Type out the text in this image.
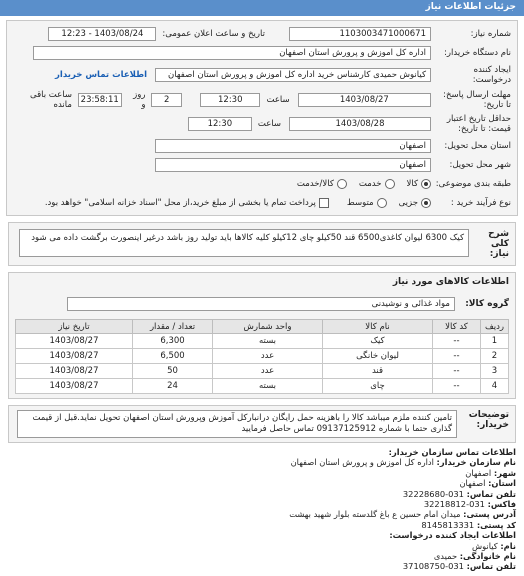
جزئیات اطلاعات نیاز
شماره نیاز:
1103003471000671
تاریخ و ساعت اعلان عمومی:
1403/08/24 - 12:23
نام دستگاه خریدار:
اداره کل اموزش و پرورش استان اصفهان
ایجاد کننده
درخواست:
کیانوش حمیدی کارشناس خرید اداره کل اموزش و پرورش استان اصفهان
اطلاعات تماس خریدار
مهلت ارسال پاسخ:
تا تاریخ:
1403/08/27
ساعت
12:30
2
روز و
23:58:11
ساعت باقی مانده
حداقل تاریخ اعتبار
قیمت: تا تاریخ:
1403/08/28
ساعت
12:30
استان محل تحویل:
اصفهان
شهر محل تحویل:
اصفهان
طبقه بندی موضوعی:
کالا
خدمت
کالا/خدمت
نوع فرآیند خرید :
جزیی
متوسط
پرداخت تمام یا بخشی از مبلغ خرید،از محل "اسناد خزانه اسلامی" خواهد بود.
شرح کلی نیاز:
کیک 6300 لیوان کاغذی6500 قند 50کیلو چای 12کیلو کلیه کالاها باید تولید روز باشد درغیر اینصورت برگشت داده می شود
اطلاعات کالاهای مورد نیاز
گروه کالا:
مواد غذائی و نوشیدنی
ردیف	کد کالا	نام کالا	واحد شمارش	تعداد / مقدار	تاریخ نیاز
1	--	کیک	بسته	6,300	1403/08/27
2	--	لیوان خانگی	عدد	6,500	1403/08/27
3	--	قند	عدد	50	1403/08/27
4	--	چای	بسته	24	1403/08/27
توضیحات خریدار:
تامین کننده ملزم میباشد کالا را باهزینه حمل رایگان درانبارکل آموزش وپرورش استان اصفهان تحویل نماید.قبل از قیمت گذاری حتما با شماره 09137125912 تماس حاصل فرمایید
اطلاعات تماس سازمان خریدار:
نام سازمان خریدار: اداره کل اموزش و پرورش استان اصفهان
شهر: اصفهان
استان: اصفهان
تلفن تماس: 031-32228680
فاکس: 031-32218812
آدرس پستی: میدان امام حسین ع باغ گلدسته بلوار شهید بهشت
کد پستی: 8145813331
اطلاعات ایجاد کننده درخواست:
نام: کیانوش
نام خانوادگی: حمیدی
تلفن تماس: 031-37108750
